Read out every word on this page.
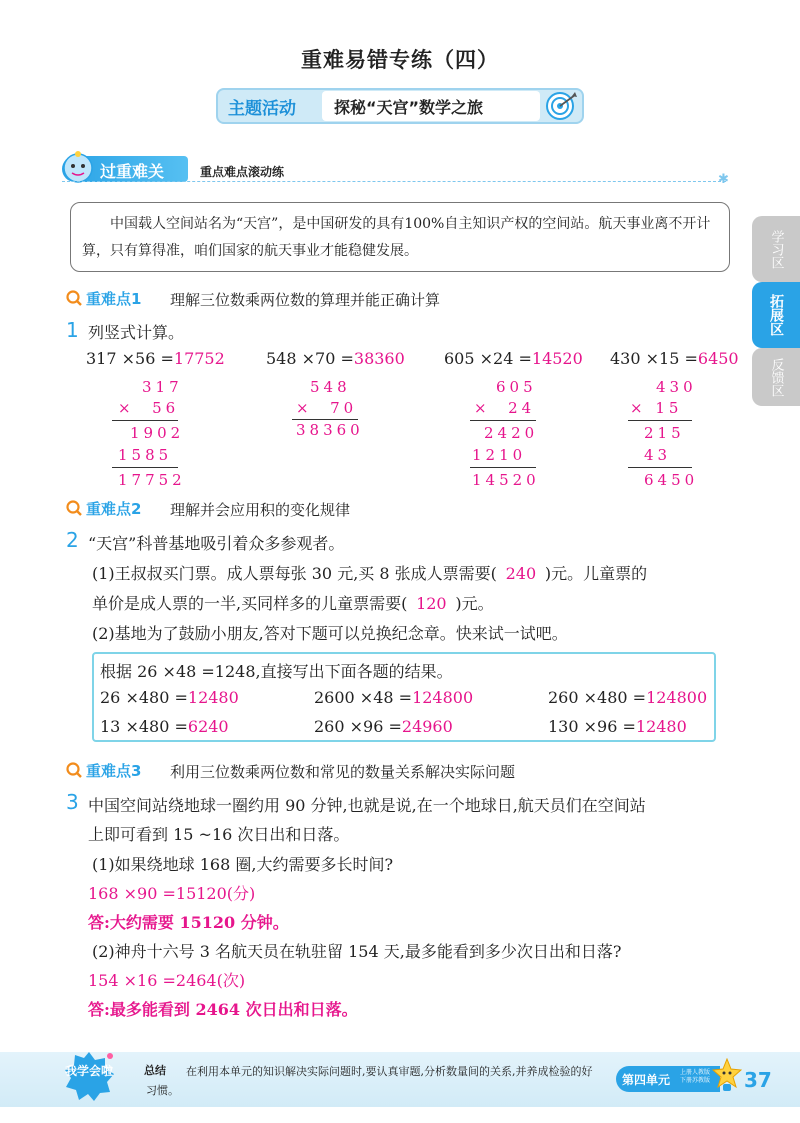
重难易错专练（四）
主题活动 探秘“天宫”数学之旅
过重难关	重点难点滚动练	✱
中国载人空间站名为“天宫”，是中国研发的具有100%自主知识产权的空间站。航天事业离不开计算，只有算得准，咱们国家的航天事业才能稳健发展。	学习区
拓展区
反馈区
重难点1 理解三位数乘两位数的算理并能正确计算
1 列竖式计算。
317 ×56 =17752	548 ×70 =38360 605 ×24 =14520 430 ×15 =6450
317
×  56
1902
1585
17752
548
×  70
38360
605
×  24
2420
1210
14520
430
× 15
215
43
6450
重难点2 理解并会应用积的变化规律
2 “天宫”科普基地吸引着众多参观者。
(1)王叔叔买门票。成人票每张 30 元,买 8 张成人票需要( 240 )元。儿童票的
单价是成人票的一半,买同样多的儿童票需要( 120 )元。
(2)基地为了鼓励小朋友,答对下题可以兑换纪念章。快来试一试吧。
根据 26 ×48 =1248,直接写出下面各题的结果。
26 ×480 =12480	2600 ×48 =124800	260 ×480 =124800
13 ×480 =6240	260 ×96 =24960	130 ×96 =12480
重难点3 利用三位数乘两位数和常见的数量关系解决实际问题
3 中国空间站绕地球一圈约用 90 分钟,也就是说,在一个地球日,航天员们在空间站
上即可看到 15 ~16 次日出和日落。
(1)如果绕地球 168 圈,大约需要多长时间?
168 ×90 =15120(分)
答:大约需要 15120 分钟。
(2)神舟十六号 3 名航天员在轨驻留 154 天,最多能看到多少次日出和日落?
154 ×16 =2464(次)
答:最多能看到 2464 次日出和日落。
我学会啦	在利用本单元的知识解决实际问题时,要认真审题,分析数量间的关系,并养成检验的好习惯。
总结
第四单元
上册人教版 下册苏教版 37
